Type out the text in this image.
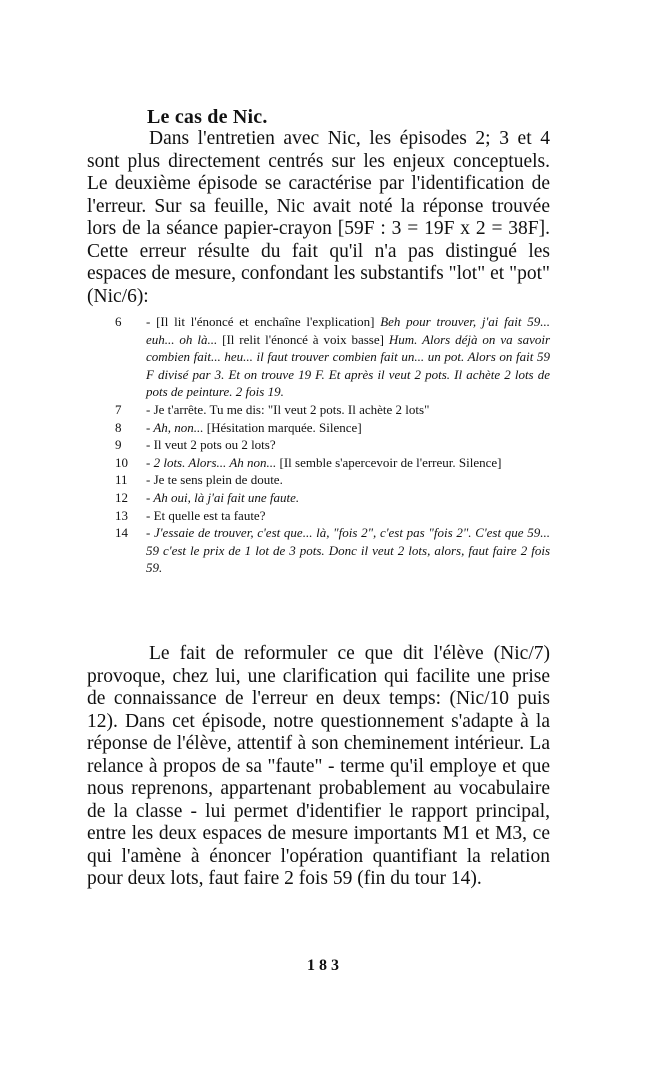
Le cas de Nic.
Dans l'entretien avec Nic, les épisodes 2; 3 et 4 sont plus directement centrés sur les enjeux conceptuels. Le deuxième épisode se caractérise par l'identification de l'erreur. Sur sa feuille, Nic avait noté la réponse trouvée lors de la séance papier-crayon [59F : 3 = 19F x 2 = 38F]. Cette erreur résulte du fait qu'il n'a pas distingué les espaces de mesure, confondant les substantifs "lot" et "pot" (Nic/6):
6	- [Il lit l'énoncé et enchaîne l'explication] Beh pour trouver, j'ai fait 59... euh... oh là... [Il relit l'énoncé à voix basse] Hum. Alors déjà on va savoir combien fait... heu... il faut trouver combien fait un... un pot. Alors on fait 59 F divisé par 3. Et on trouve 19 F. Et après il veut 2 pots. Il achète 2 lots de pots de peinture. 2 fois 19.
7	- Je t'arrête. Tu me dis: "Il veut 2 pots. Il achète 2 lots"
8	- Ah, non... [Hésitation marquée. Silence]
9	- Il veut 2 pots ou 2 lots?
10	- 2 lots. Alors... Ah non... [Il semble s'apercevoir de l'erreur. Silence]
11	- Je te sens plein de doute.
12	- Ah oui, là j'ai fait une faute.
13	- Et quelle est ta faute?
14	- J'essaie de trouver, c'est que... là, "fois 2", c'est pas "fois 2". C'est que 59... 59 c'est le prix de 1 lot de 3 pots. Donc il veut 2 lots, alors, faut faire 2 fois 59.
Le fait de reformuler ce que dit l'élève (Nic/7) provoque, chez lui, une clarification qui facilite une prise de connaissance de l'erreur en deux temps: (Nic/10 puis 12). Dans cet épisode, notre questionnement s'adapte à la réponse de l'élève, attentif à son cheminement intérieur. La relance à propos de sa "faute" - terme qu'il employe et que nous reprenons, appartenant probablement au vocabulaire de la classe - lui permet d'identifier le rapport principal, entre les deux espaces de mesure importants M1 et M3, ce qui l'amène à énoncer l'opération quantifiant la relation pour deux lots, faut faire 2 fois 59 (fin du tour 14).
183
